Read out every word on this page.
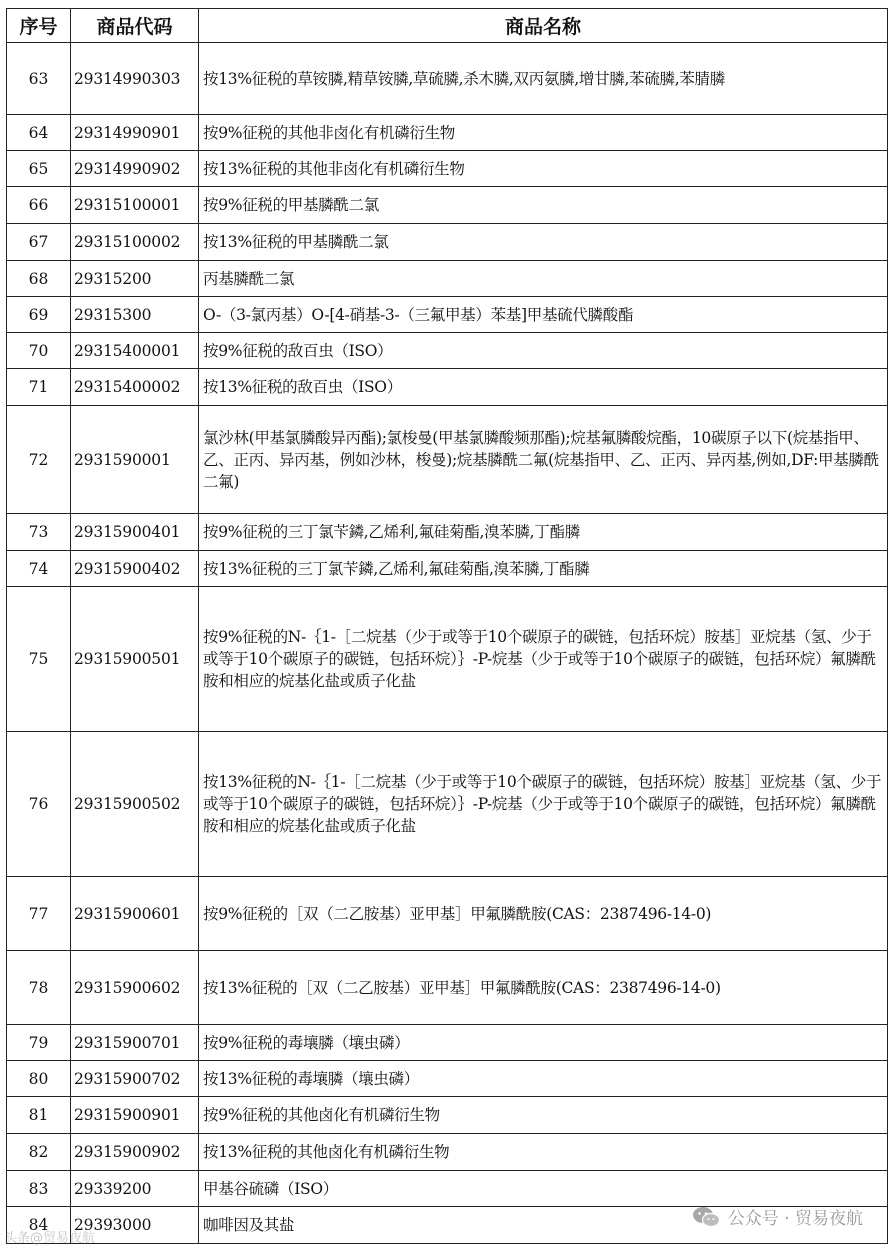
序号	商品代码	商品名称
63	29314990303	按13%征税的草铵膦,精草铵膦,草硫膦,杀木膦,双丙氨膦,增甘膦,苯硫膦,苯腈膦
64	29314990901	按9%征税的其他非卤化有机磷衍生物
65	29314990902	按13%征税的其他非卤化有机磷衍生物
66	29315100001	按9%征税的甲基膦酰二氯
67	29315100002	按13%征税的甲基膦酰二氯
68	29315200	丙基膦酰二氯
69	29315300	O-（3-氯丙基）O-[4-硝基-3-（三氟甲基）苯基]甲基硫代膦酸酯
70	29315400001	按9%征税的敌百虫（ISO）
71	29315400002	按13%征税的敌百虫（ISO）
72	2931590001	氯沙林(甲基氯膦酸异丙酯);氯梭曼(甲基氯膦酸频那酯);烷基氟膦酸烷酯，10碳原子以下(烷基指甲、乙、正丙、异丙基，例如沙林，梭曼);烷基膦酰二氟(烷基指甲、乙、正丙、异丙基,例如,DF:甲基膦酰二氟)
73	29315900401	按9%征税的三丁氯苄鏻,乙烯利,氟硅菊酯,溴苯膦,丁酯膦
74	29315900402	按13%征税的三丁氯苄鏻,乙烯利,氟硅菊酯,溴苯膦,丁酯膦
75	29315900501	按9%征税的N-｛1-［二烷基（少于或等于10个碳原子的碳链，包括环烷）胺基］亚烷基（氢、少于或等于10个碳原子的碳链，包括环烷）｝-P-烷基（少于或等于10个碳原子的碳链，包括环烷）氟膦酰胺和相应的烷基化盐或质子化盐
76	29315900502	按13%征税的N-｛1-［二烷基（少于或等于10个碳原子的碳链，包括环烷）胺基］亚烷基（氢、少于或等于10个碳原子的碳链，包括环烷）｝-P-烷基（少于或等于10个碳原子的碳链，包括环烷）氟膦酰胺和相应的烷基化盐或质子化盐
77	29315900601	按9%征税的［双（二乙胺基）亚甲基］甲氟膦酰胺(CAS：2387496-14-0)
78	29315900602	按13%征税的［双（二乙胺基）亚甲基］甲氟膦酰胺(CAS：2387496-14-0)
79	29315900701	按9%征税的毒壤膦（壤虫磷）
80	29315900702	按13%征税的毒壤膦（壤虫磷）
81	29315900901	按9%征税的其他卤化有机磷衍生物
82	29315900902	按13%征税的其他卤化有机磷衍生物
83	29339200	甲基谷硫磷（ISO）
84	29393000	咖啡因及其盐	公众号 · 贸易夜航
头条@贸易夜航
